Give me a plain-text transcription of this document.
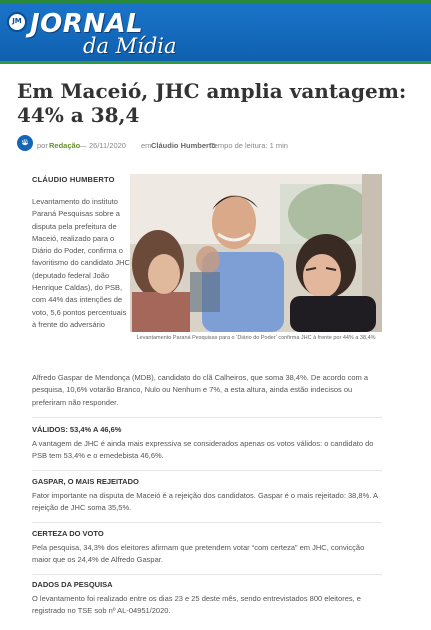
JM JORNAL
da Mídia
Em Maceió, JHC amplia vantagem: 44% a 38,4
JM por Redação
— 26/11/2020 em Cláudio Humberto
Tempo de leitura: 1 min
CLÁUDIO HUMBERTO

Levantamento do instituto Paraná Pesquisas sobre a disputa pela prefeitura de Maceió, realizado para o Diário do Poder, confirma o favoritismo do candidato JHC (deputado federal João Henrique Caldas), do PSB, com 44% das intenções de voto, 5,6 pontos percentuais à frente do adversário

Levantamento Paraná Pesquisas para o ‘Diário do Poder’ confirma JHC à frente por 44% a 38,4%

Alfredo Gaspar de Mendonça (MDB), candidato do clã Calheiros, que soma 38,4%. De acordo com a pesquisa, 10,6% votarão Branco, Nulo ou Nenhum e 7%, a esta altura, ainda estão indecisos ou preferiram não responder.

VÁLIDOS: 53,4% A 46,6%

A vantagem de JHC é ainda mais expressiva se considerados apenas os votos válidos: o candidato do PSB tem 53,4% e o emedebista 46,6%.

GASPAR, O MAIS REJEITADO

Fator importante na disputa de Maceió é a rejeição dos candidatos. Gaspar é o mais rejeitado: 38,8%. A rejeição de JHC soma 35,5%.

CERTEZA DO VOTO

Pela pesquisa, 34,3% dos eleitores afirmam que pretendem votar “com certeza” em JHC, convicção maior que os 24,4% de Alfredo Gaspar.

DADOS DA PESQUISA

O levantamento foi realizado entre os dias 23 e 25 deste mês, sendo entrevistados 800 eleitores, e registrado no TSE sob nº AL-04951/2020.
